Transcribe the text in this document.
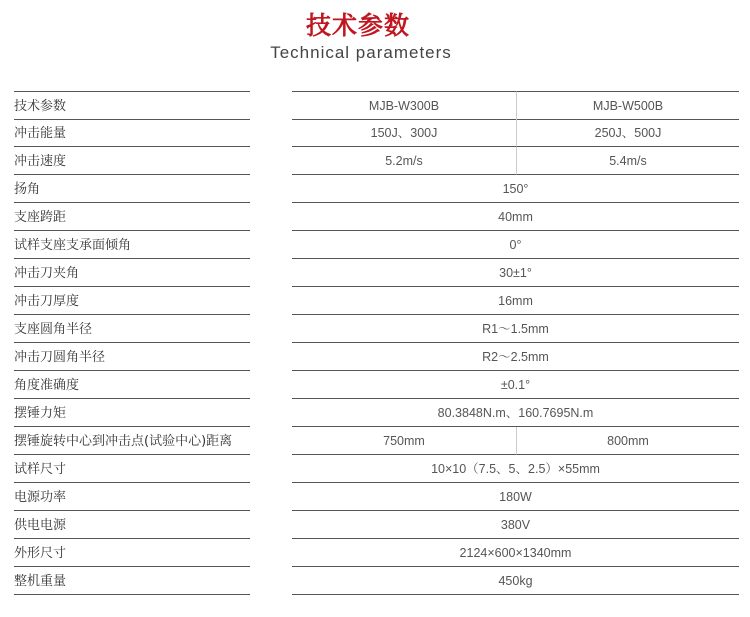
技术参数
Technical parameters
技术参数	MJB-W300B	MJB-W500B
冲击能量	150J、300J	250J、500J
冲击速度	5.2m/s	5.4m/s
扬角	150°
支座跨距	40mm
试样支座支承面倾角	0°
冲击刀夹角	30±1°
冲击刀厚度	16mm
支座圆角半径	R1～1.5mm
冲击刀圆角半径	R2～2.5mm
角度准确度	±0.1°
摆锤力矩	80.3848N.m、160.7695N.m
摆锤旋转中心到冲击点(试验中心)距离	750mm	800mm
试样尺寸	10×10（7.5、5、2.5）×55mm
电源功率	180W
供电电源	380V
外形尺寸	2124×600×1340mm
整机重量	450kg
